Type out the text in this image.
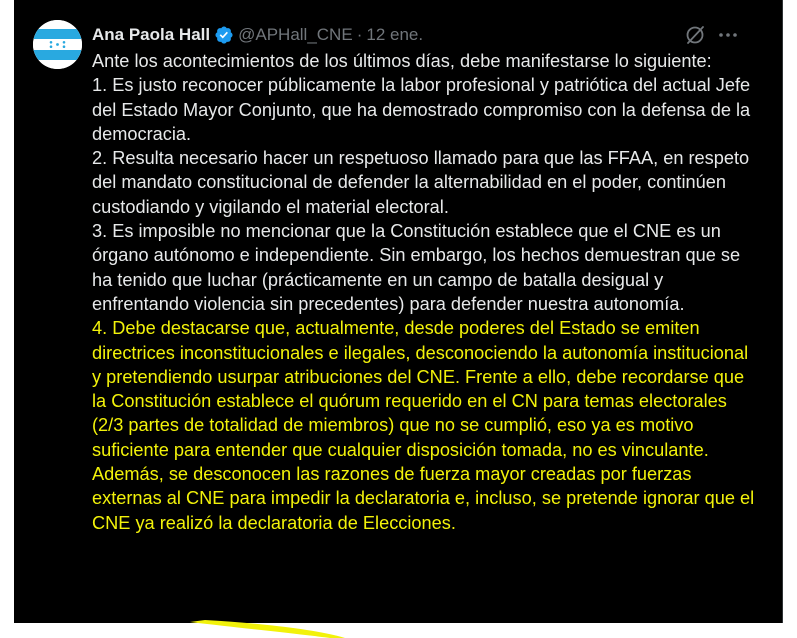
Ana Paola Hall @APHall_CNE · 12 ene.

Ante los acontecimientos de los últimos días, debe manifestarse lo siguiente:

1. Es justo reconocer públicamente la labor profesional y patriótica del actual Jefe del Estado Mayor Conjunto, que ha demostrado compromiso con la defensa de la democracia.

2. Resulta necesario hacer un respetuoso llamado para que las FFAA, en respeto del mandato constitucional de defender la alternabilidad en el poder, continúen custodiando y vigilando el material electoral.

3. Es imposible no mencionar que la Constitución establece que el CNE es un órgano autónomo e independiente. Sin embargo, los hechos demuestran que se ha tenido que luchar (prácticamente en un campo de batalla desigual y enfrentando violencia sin precedentes) para defender nuestra autonomía.

4. Debe destacarse que, actualmente, desde poderes del Estado se emiten directrices inconstitucionales e ilegales, desconociendo la autonomía institucional y pretendiendo usurpar atribuciones del CNE. Frente a ello, debe recordarse que la Constitución establece el quórum requerido en el CN para temas electorales (2/3 partes de totalidad de miembros) que no se cumplió, eso ya es motivo suficiente para entender que cualquier disposición tomada, no es vinculante. Además, se desconocen las razones de fuerza mayor creadas por fuerzas externas al CNE para impedir la declaratoria e, incluso, se pretende ignorar que el CNE ya realizó la declaratoria de Elecciones.
